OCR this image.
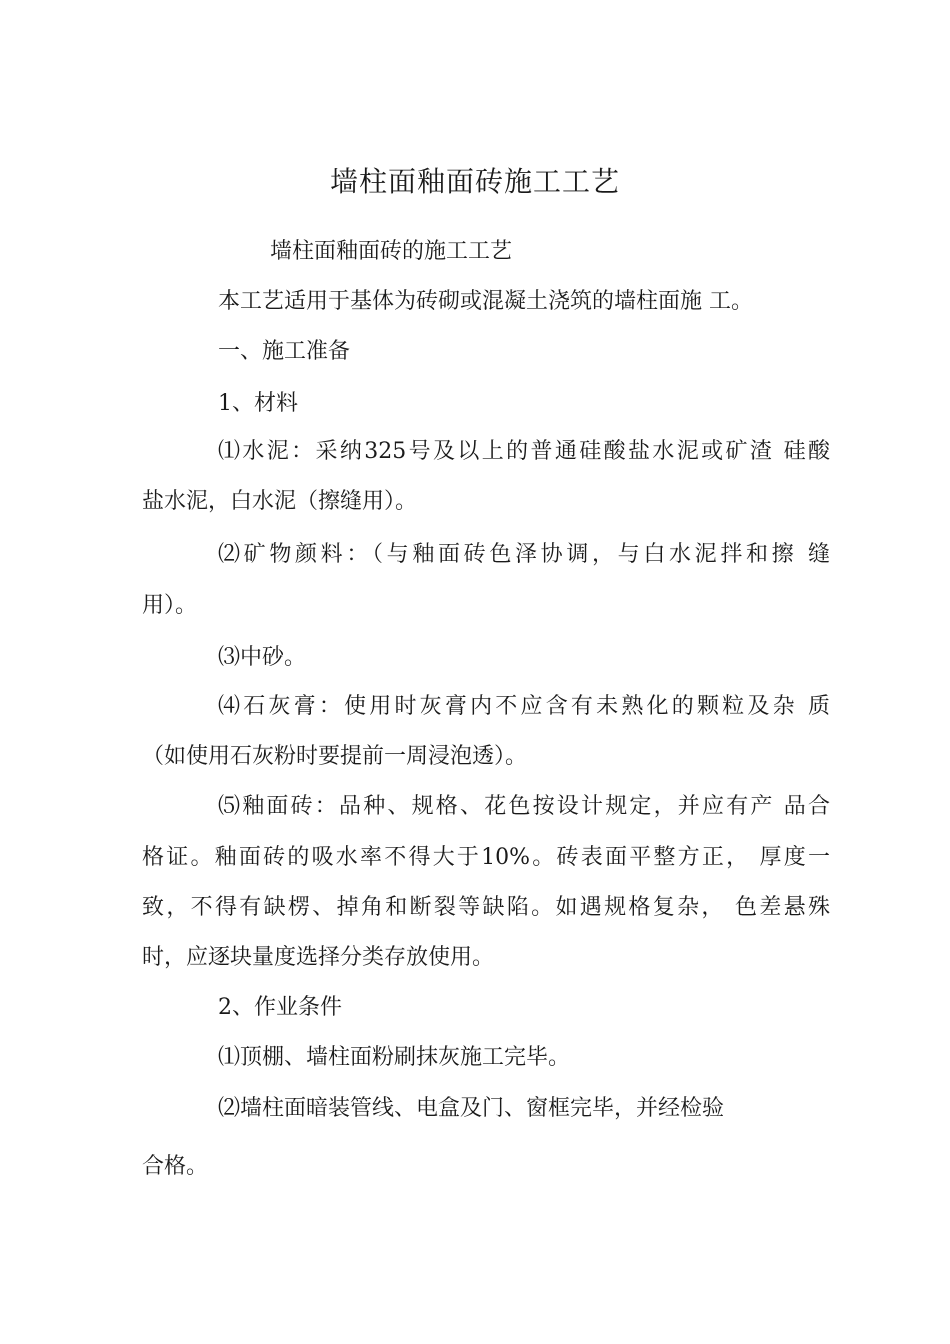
墙柱面釉面砖施工工艺
墙柱面釉面砖的施工工艺
本工艺适用于基体为砖砌或混凝土浇筑的墙柱面施 工。
一、施工准备
1、材料
⑴水泥：采纳325号及以上的普通硅酸盐水泥或矿渣 硅酸
盐水泥，白水泥（擦缝用）。
⑵矿物颜料：（与釉面砖色泽协调，与白水泥拌和擦 缝
用）。
⑶中砂。
⑷石灰膏：使用时灰膏内不应含有未熟化的颗粒及杂 质
（如使用石灰粉时要提前一周浸泡透）。
⑸釉面砖：品种、规格、花色按设计规定，并应有产 品合
格证。釉面砖的吸水率不得大于10%。砖表面平整方正， 厚度一
致，不得有缺楞、掉角和断裂等缺陷。如遇规格复杂， 色差悬殊
时，应逐块量度选择分类存放使用。
2、作业条件
⑴顶棚、墙柱面粉刷抹灰施工完毕。
⑵墙柱面暗装管线、电盒及门、窗框完毕，并经检验
合格。
